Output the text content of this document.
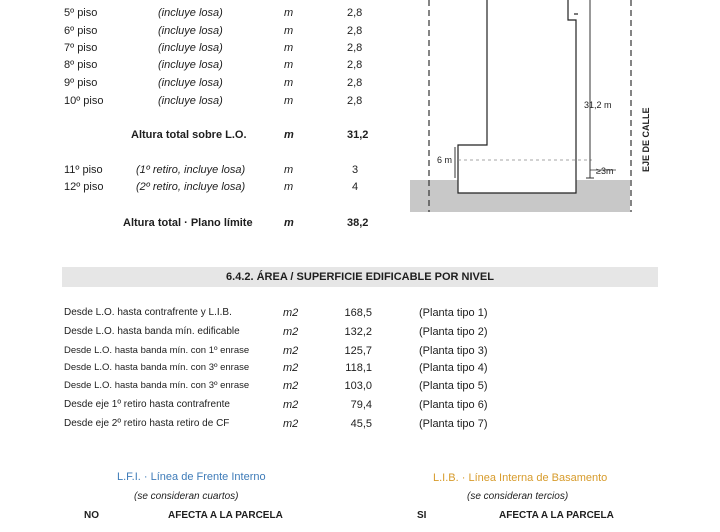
5º piso	(incluye losa)	m	2,8
6º piso	(incluye losa)	m	2,8
7º piso	(incluye losa)	m	2,8
8º piso	(incluye losa)	m	2,8
9º piso	(incluye losa)	m	2,8
10º piso	(incluye losa)	m	2,8
Altura total sobre L.O.	m	31,2
11º piso	(1º retiro, incluye losa)	m	3
12º piso	(2º retiro, incluye losa)	m	4
Altura total · Plano límite	m	38,2
31,2 m
6 m
≥3m	EJE DE CALLE
6.4.2. ÁREA / SUPERFICIE EDIFICABLE POR NIVEL
Desde L.O. hasta contrafrente y L.I.B.	m2	168,5	(Planta tipo 1)
Desde L.O. hasta banda mín. edificable	m2	132,2	(Planta tipo 2)
Desde L.O. hasta banda mín. con 1º enrase	m2	125,7	(Planta tipo 3)
Desde L.O. hasta banda mín. con 3º enrase	m2	118,1	(Planta tipo 4)
Desde L.O. hasta banda mín. con 3º enrase	m2	103,0	(Planta tipo 5)
Desde eje 1º retiro hasta contrafrente	m2	79,4	(Planta tipo 6)
Desde eje 2º retiro hasta retiro de CF	m2	45,5	(Planta tipo 7)
L.F.I. · Línea de Frente Interno
(se consideran cuartos)
NO	AFECTA A LA PARCELA
L.I.B. · Línea Interna de Basamento
(se consideran tercios)
SI	AFECTA A LA PARCELA
